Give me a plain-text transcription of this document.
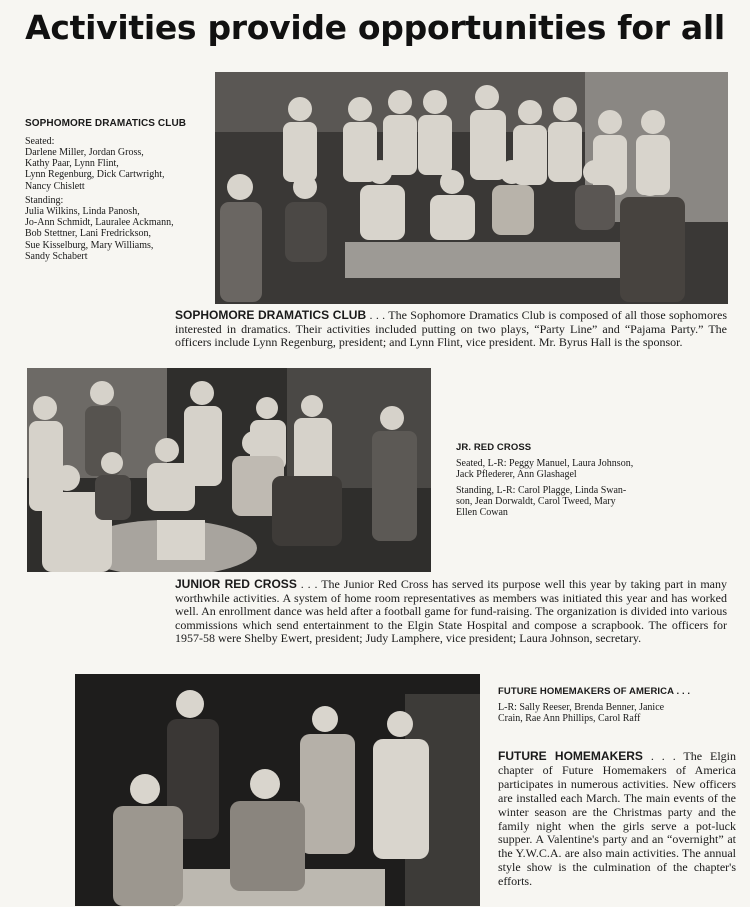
Activities provide opportunities for all
SOPHOMORE DRAMATICS CLUB
Seated:
Darlene Miller, Jordan Gross,
Kathy Paar, Lynn Flint,
Lynn Regenburg, Dick Cartwright,
Nancy Chislett
Standing:
Julia Wilkins, Linda Panosh,
Jo-Ann Schmidt, Lauralee Ackmann,
Bob Stettner, Lani Fredrickson,
Sue Kisselburg, Mary Williams,
Sandy Schabert
SOPHOMORE DRAMATICS CLUB . . . The Sophomore Dramatics Club is composed of all those sophomores interested in dramatics. Their activities included putting on two plays, “Party Line” and “Pajama Party.” The officers include Lynn Regenburg, president; and Lynn Flint, vice president. Mr. Byrus Hall is the sponsor.
JR. RED CROSS
Seated, L-R: Peggy Manuel, Laura Johnson,
Jack Pflederer, Ann Glashagel
Standing, L-R: Carol Plagge, Linda Swan-
son, Jean Dorwaldt, Carol Tweed, Mary
Ellen Cowan
JUNIOR RED CROSS . . . The Junior Red Cross has served its purpose well this year by taking part in many worthwhile activities. A system of home room representatives as members was initiated this year and has worked well. An enrollment dance was held after a football game for fund-raising. The organization is divided into various commissions which send entertainment to the Elgin State Hospital and compose a scrapbook. The officers for 1957-58 were Shelby Ewert, president; Judy Lamphere, vice president; Laura Johnson, secretary.
FUTURE HOMEMAKERS OF AMERICA . . .
L-R: Sally Reeser, Brenda Benner, Janice
Crain, Rae Ann Phillips, Carol Raff
FUTURE HOMEMAKERS . . . The Elgin chapter of Future Homemakers of America participates in numerous activities. New officers are installed each March. The main events of the winter season are the Christmas party and the family night when the girls serve a pot-luck supper. A Valentine's party and an “overnight” at the Y.W.C.A. are also main activities. The annual style show is the culmination of the chapter's efforts.
